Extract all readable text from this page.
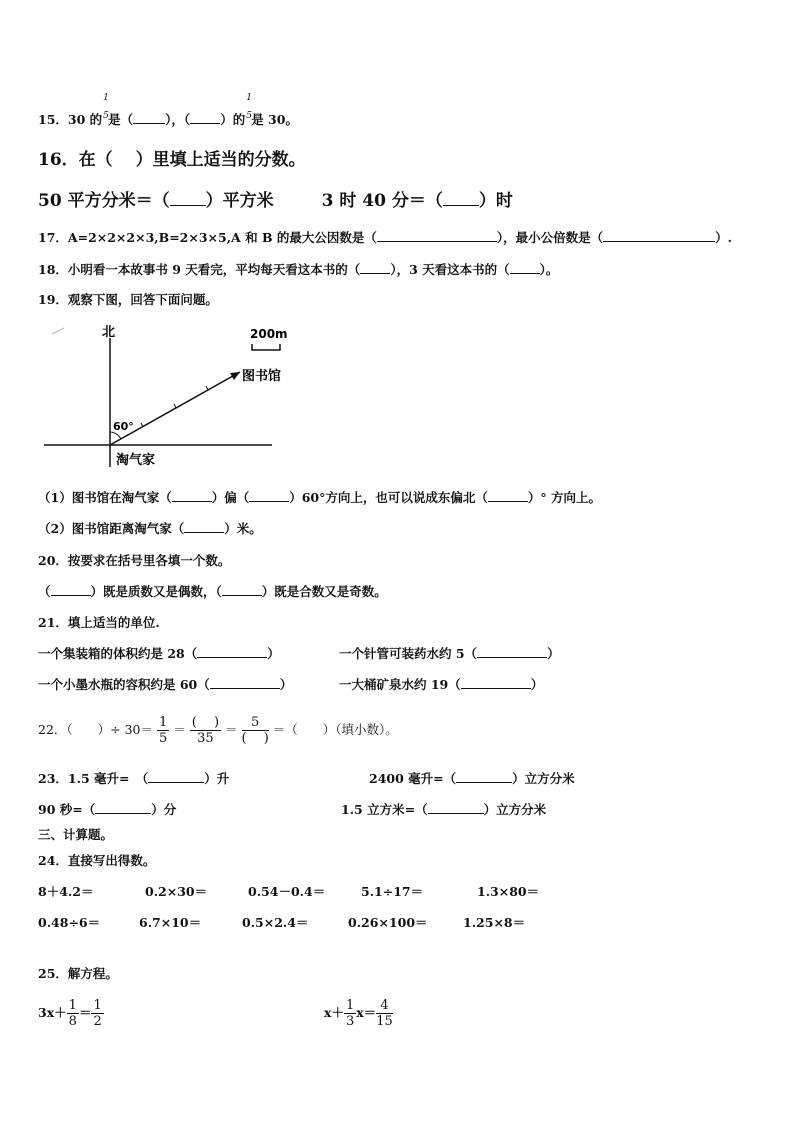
15．30 的
1
5 是（	），（ ）的
1
5 是 30。
16．在（　 ）里填上适当的分数。
50 平方分米＝（ ）平方米	3 时 40 分＝（ ）时
17．A=2×2×2×3,B=2×3×5,A 和 B 的最大公因数是（	），最小公倍数是（	）.
18．小明看一本故事书 9 天看完，平均每天看这本书的（ ），3 天看这本书的（ ）。
19．观察下图，回答下面问题。
北
60°
图书馆
淘气家
200m
（1）图书馆在淘气家（	）偏（	）60°方向上，也可以说成东偏北（	）° 方向上。
（2）图书馆距离淘气家（	）米。
20．按要求在括号里各填一个数。
（	）既是质数又是偶数，（	）既是合数又是奇数。
21．填上适当的单位.
一个集装箱的体积约是 28（	）	一个针管可装药水约 5（	）
一个小墨水瓶的容积约是 60（	）	一大桶矿泉水约 19（	）
22．（　　）÷ $30= \frac{1}{5} = \frac{( )}{35} = \frac{5}{( )}$ ＝（　　）（填小数）。
23．1.5 毫升=　（	）升	2400 毫升=（	）立方分米
90 秒=（	）分	1.5 立方米=（	）立方分米
三、计算题。
24．直接写出得数。
8＋4.2＝	0.2×30＝	0.54－0.4＝	5.1÷17＝	1.3×80＝
0.48÷6＝	6.7×10＝	0.5×2.4＝	0.26×100＝	1.25×8＝
25．解方程。
$3x+ \frac{1}{8} = \frac{1}{2}$	$x+ \frac{1}{3} x= \frac{4}{15}$
